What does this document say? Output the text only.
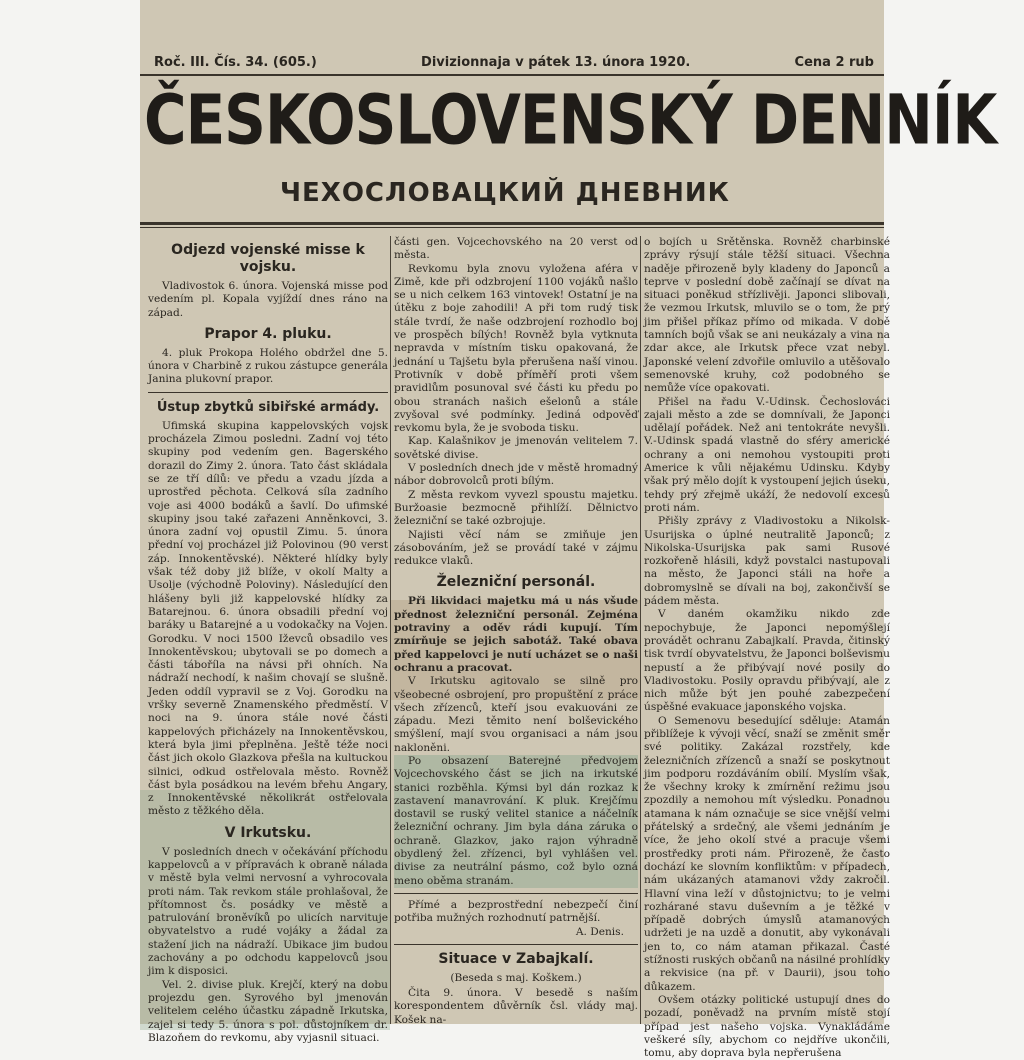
Roč. III. Čís. 34. (605.)	Divizionnaja v pátek 13. února 1920.	Cena 2 rub
ČESKOSLOVENSKÝ DENNÍK
ЧЕХОСЛОВАЦКИЙ ДНЕВНИК
Odjezd vojenské misse k vojsku.

Vladivostok 6. února. Vojenská misse pod vedením pl. Kopala vyjíždí dnes ráno na západ.

Prapor 4. pluku.

4. pluk Prokopa Holého obdržel dne 5. února v Charbině z rukou zástupce generála Janina plukovní prapor.

Ústup zbytků sibiřské armády.

Ufimská skupina kappelovských vojsk procházela Zimou posledni. Zadní voj této skupiny pod vedením gen. Bagerského dorazil do Zimy 2. února. Tato část skládala se ze tří dílů: ve předu a vzadu jízda a uprostřed pěchota. Celková síla zadního voje asi 4000 bodáků a šavlí. Do ufimské skupiny jsou také zařazeni Anněnkovci, 3. února zadní voj opustil Zimu. 5. února přední voj procházel již Polovinou (90 verst záp. Innokentěvské). Některé hlídky byly však též doby již blíže, v okolí Malty a Usolje (východně Poloviny). Následující den hlášeny byli již kappelovské hlídky za Batarejnou. 6. února obsadili přední voj baráky u Batarejné a u vodokačky na Vojen. Gorodku. V noci 1500 Iževců obsadilo ves Innokentěvskou; ubytovali se po domech a části táboříla na návsi při ohních. Na nádraží nechodí, k našim chovají se slušně. Jeden oddíl vypravil se z Voj. Gorodku na vršky severně Znamenského předměstí. V noci na 9. února stále nové části kappelových přicházely na Innokentěvskou, která byla jimi přeplněna. Ještě téže noci část jich okolo Glazkova přešla na kultuckou silnici, odkud ostřelovala město. Rovněž část byla posádkou na levém břehu Angary, z Innokentěvské několikrát ostřelovala město z těžkého děla.

V Irkutsku.

V posledních dnech v očekávání příchodu kappelovců a v přípravách k obraně nálada v městě byla velmi nervosní a vyhrocovala proti nám. Tak revkom stále prohlašoval, že přítomnost čs. posádky ve městě a patrulování broněvíků po ulicích narvituje obyvatelstvo a rudé vojáky a žádal za stažení jich na nádraží. Ubikace jim budou zachovány a po odchodu kappelovců jsou jim k disposici.

Vel. 2. divise pluk. Krejčí, který na dobu projezdu gen. Syrového byl jmenován velitelem celého účastku západně Irkutska, zajel si tedy 5. února s pol. důstojníkem dr. Blazoňem do revkomu, aby vyjasnil situaci.

části gen. Vojcechovského na 20 verst od města.

Revkomu byla znovu vyložena aféra v Zimě, kde při odzbrojení 1100 vojáků našlo se u nich celkem 163 vintovek! Ostatní je na útěku z boje zahodili! A při tom rudý tisk stále tvrdí, že naše odzbrojení rozhodlo boj ve prospěch bílých! Rovněž byla vytknuta nepravda v místním tisku opakovaná, že jednání u Tajšetu byla přerušena naší vinou. Protivník v době příměří proti všem pravidlům posunoval své části ku předu po obou stranách našich ešelonů a stále zvyšoval své podmínky. Jediná odpověď revkomu byla, že je svoboda tisku.

Kap. Kalašnikov je jmenován velitelem 7. sovětské divise.

V posledních dnech jde v městě hromadný nábor dobrovolců proti bílým.

Z města revkom vyvezl spoustu majetku. Buržoasie bezmocně přihlíží. Dělnictvo železniční se také ozbrojuje.

Najisti věcí nám se zmiňuje jen zásobováním, jež se provádí také v zájmu redukce vlaků.

Železniční personál.

Při likvidaci majetku má u nás všude přednost železniční personál. Zejména potraviny a oděv rádi kupují. Tím zmírňuje se jejich sabotáž. Také obava před kappelovci je nutí ucházet se o naši ochranu a pracovat.

V Irkutsku agitovalo se silně pro všeobecné osbrojení, pro propuštění z práce všech zřízenců, kteří jsou evakuováni ze západu. Mezi těmito není bolševického smýšlení, mají svou organisaci a nám jsou nakloněni.

Po obsazení Baterejné předvojem Vojcechovského část se jich na irkutské stanici rozběhla. Kýmsi byl dán rozkaz k zastavení manavrování. K pluk. Krejčímu dostavil se ruský velitel stanice a náčelník železniční ochrany. Jim byla dána záruka o ochraně. Glazkov, jako rajon výhradně obydlený žel. zřízenci, byl vyhlášen vel. divise za neutrální pásmo, což bylo ozná meno oběma stranám.

Přímé a bezprostřední nebezpečí činí potřiba mužných rozhodnutí patrnější.

A. Denis.

Situace v Zabajkalí.

(Beseda s maj. Koškem.)

Čita 9. února. V besedě s naším korespondentem důvěrník čsl. vlády maj. Košek na-

o bojích u Srětěnska. Rovněž charbinské zprávy rýsují stále těžší situaci. Všechna naděje přirozeně byly kladeny do Japonců a teprve v poslední době začínají se dívat na situaci poněkud střízlivěji. Japonci slibovali, že vezmou Irkutsk, mluvilo se o tom, že prý jim přišel příkaz přímo od mikada. V době tamních bojů však se ani neukázaly a vina na zdar akce, ale Irkutsk přece vzat nebyl. Japonské velení zdvořile omluvilo a utěšovalo semenovské kruhy, což podobného se nemůže více opakovati.

Přišel na řadu V.-Udinsk. Čechoslováci zajali město a zde se domnívali, že Japonci udělají pořádek. Než ani tentokráte nevyšli. V.-Udinsk spadá vlastně do sféry americké ochrany a oni nemohou vystoupiti proti Americe k vůli nějakému Udinsku. Kdyby však prý mělo dojít k vystoupení jejich úseku, tehdy prý zřejmě ukáží, že nedovolí excesů proti nám.

Přišly zprávy z Vladivostoku a Nikolsk-Usurijska o úplné neutralitě Japonců; z Nikolska-Usurijska pak sami Rusové rozkořeně hlásili, když povstalci nastupovali na město, že Japonci stáli na hoře a dobromyslně se dívali na boj, zakončivší se pádem města.

V daném okamžiku nikdo zde nepochybuje, že Japonci nepomýšlejí provádět ochranu Zabajkalí. Pravda, čitinský tisk tvrdí obyvatelstvu, že Japonci bolševismu nepustí a že přibývají nové posily do Vladivostoku. Posily opravdu přibývají, ale z nich může být jen pouhé zabezpečení úspěšné evakuace japonského vojska.

O Semenovu besedující sděluje: Atamán přiblížeje k vývoji věcí, snaží se změnit směr své politiky. Zakázal rozstřely, kde železničních zřízenců a snaží se poskytnout jim podporu rozdáváním obilí. Myslím však, že všechny kroky k zmírnění režimu jsou zpozdily a nemohou mít výsledku. Ponadnou atamana k nám označuje se sice vnější velmi přátelský a srdečný, ale všemi jednáním je více, že jeho okolí stvé a pracuje všemi prostředky proti nám. Přirozeně, že často dochází ke slovním konfliktům: v případech, nám ukázaných atamanovi vždy zakročil. Hlavní vina leží v důstojnictvu; to je velmi rozhárané stavu duševním a je těžké v případě dobrých úmyslů atamanových udržeti je na uzdě a donutit, aby vykonávali jen to, co nám ataman přikazal. Časté stížnosti ruských občanů na násilné prohlídky a rekvisice (na př. v Daurii), jsou toho důkazem.

Ovšem otázky politické ustupují dnes do pozadí, poněvadž na prvním místě stojí případ jest našeho vojska. Vynakládáme veškeré síly, abychom co nejdříve ukončili, tomu, aby doprava byla nepřerušena
